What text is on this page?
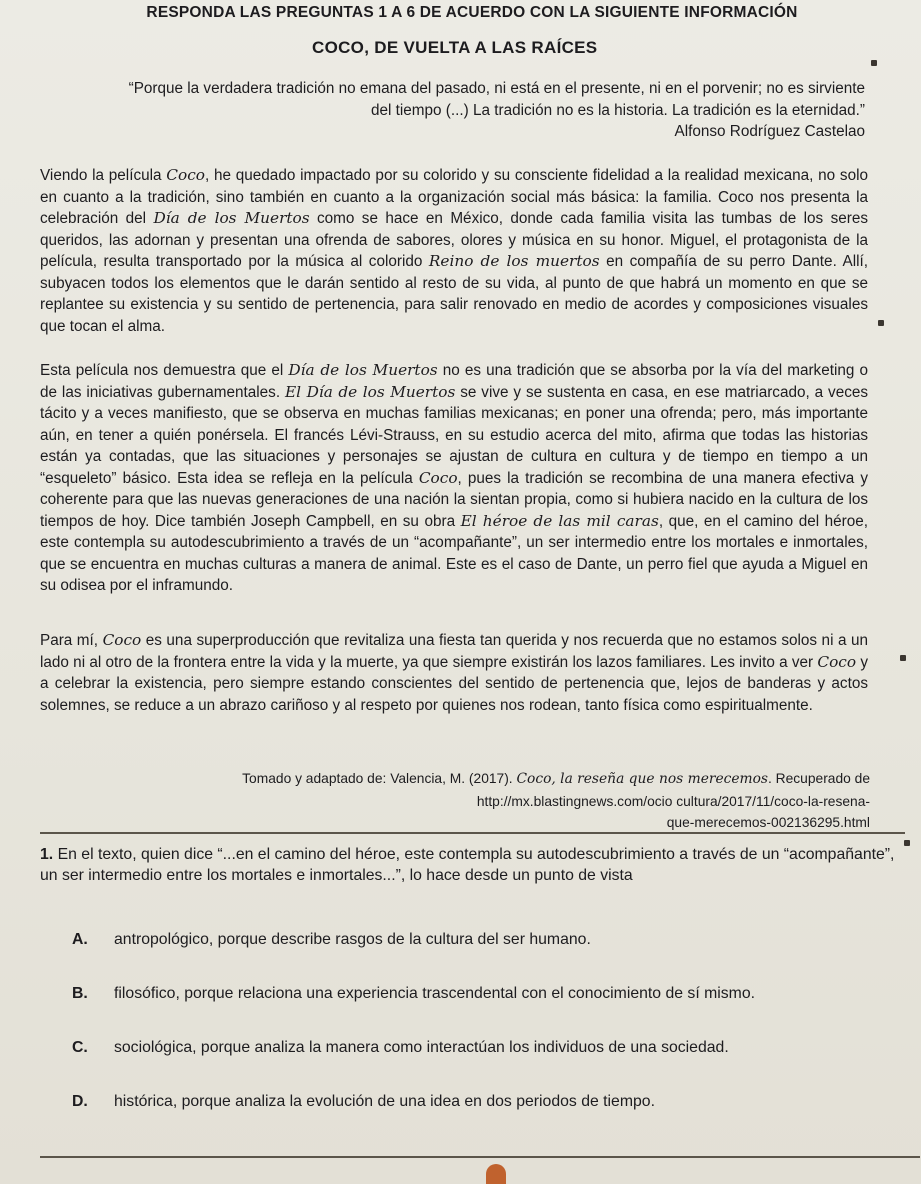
RESPONDA LAS PREGUNTAS 1 A 6 DE ACUERDO CON LA SIGUIENTE INFORMACIÓN
COCO, DE VUELTA A LAS RAÍCES
“Porque la verdadera tradición no emana del pasado, ni está en el presente, ni en el porvenir; no es sirviente
del tiempo (...) La tradición no es la historia. La tradición es la eternidad.”
Alfonso Rodríguez Castelao

Viendo la película Coco, he quedado impactado por su colorido y su consciente fidelidad a la realidad mexicana, no solo en cuanto a la tradición, sino también en cuanto a la organización social más básica: la familia. Coco nos presenta la celebración del Día de los Muertos como se hace en México, donde cada familia visita las tumbas de los seres queridos, las adornan y presentan una ofrenda de sabores, olores y música en su honor. Miguel, el protagonista de la película, resulta transportado por la música al colorido Reino de los muertos en compañía de su perro Dante. Allí, subyacen todos los elementos que le darán sentido al resto de su vida, al punto de que habrá un momento en que se replantee su existencia y su sentido de pertenencia, para salir renovado en medio de acordes y composiciones visuales que tocan el alma.

Esta película nos demuestra que el Día de los Muertos no es una tradición que se absorba por la vía del marketing o de las iniciativas gubernamentales. El Día de los Muertos se vive y se sustenta en casa, en ese matriarcado, a veces tácito y a veces manifiesto, que se observa en muchas familias mexicanas; en poner una ofrenda; pero, más importante aún, en tener a quién ponérsela. El francés Lévi-Strauss, en su estudio acerca del mito, afirma que todas las historias están ya contadas, que las situaciones y personajes se ajustan de cultura en cultura y de tiempo en tiempo a un “esqueleto” básico. Esta idea se refleja en la película Coco, pues la tradición se recombina de una manera efectiva y coherente para que las nuevas generaciones de una nación la sientan propia, como si hubiera nacido en la cultura de los tiempos de hoy. Dice también Joseph Campbell, en su obra El héroe de las mil caras, que, en el camino del héroe, este contempla su autodescubrimiento a través de un “acompañante”, un ser intermedio entre los mortales e inmortales, que se encuentra en muchas culturas a manera de animal. Este es el caso de Dante, un perro fiel que ayuda a Miguel en su odisea por el inframundo.

Para mí, Coco es una superproducción que revitaliza una fiesta tan querida y nos recuerda que no estamos solos ni a un lado ni al otro de la frontera entre la vida y la muerte, ya que siempre existirán los lazos familiares. Les invito a ver Coco y a celebrar la existencia, pero siempre estando conscientes del sentido de pertenencia que, lejos de banderas y actos solemnes, se reduce a un abrazo cariñoso y al respeto por quienes nos rodean, tanto física como espiritualmente.

Tomado y adaptado de: Valencia, M. (2017). Coco, la reseña que nos merecemos. Recuperado de
http://mx.blastingnews.com/ocio cultura/2017/11/coco-la-resena-
que-merecemos-002136295.html
1. En el texto, quien dice “...en el camino del héroe, este contempla su autodescubrimiento a través de un “acompañante”, un ser intermedio entre los mortales e inmortales...”, lo hace desde un punto de vista
A. antropológico, porque describe rasgos de la cultura del ser humano.
B. filosófico, porque relaciona una experiencia trascendental con el conocimiento de sí mismo.
C. sociológica, porque analiza la manera como interactúan los individuos de una sociedad.
D. histórica, porque analiza la evolución de una idea en dos periodos de tiempo.
